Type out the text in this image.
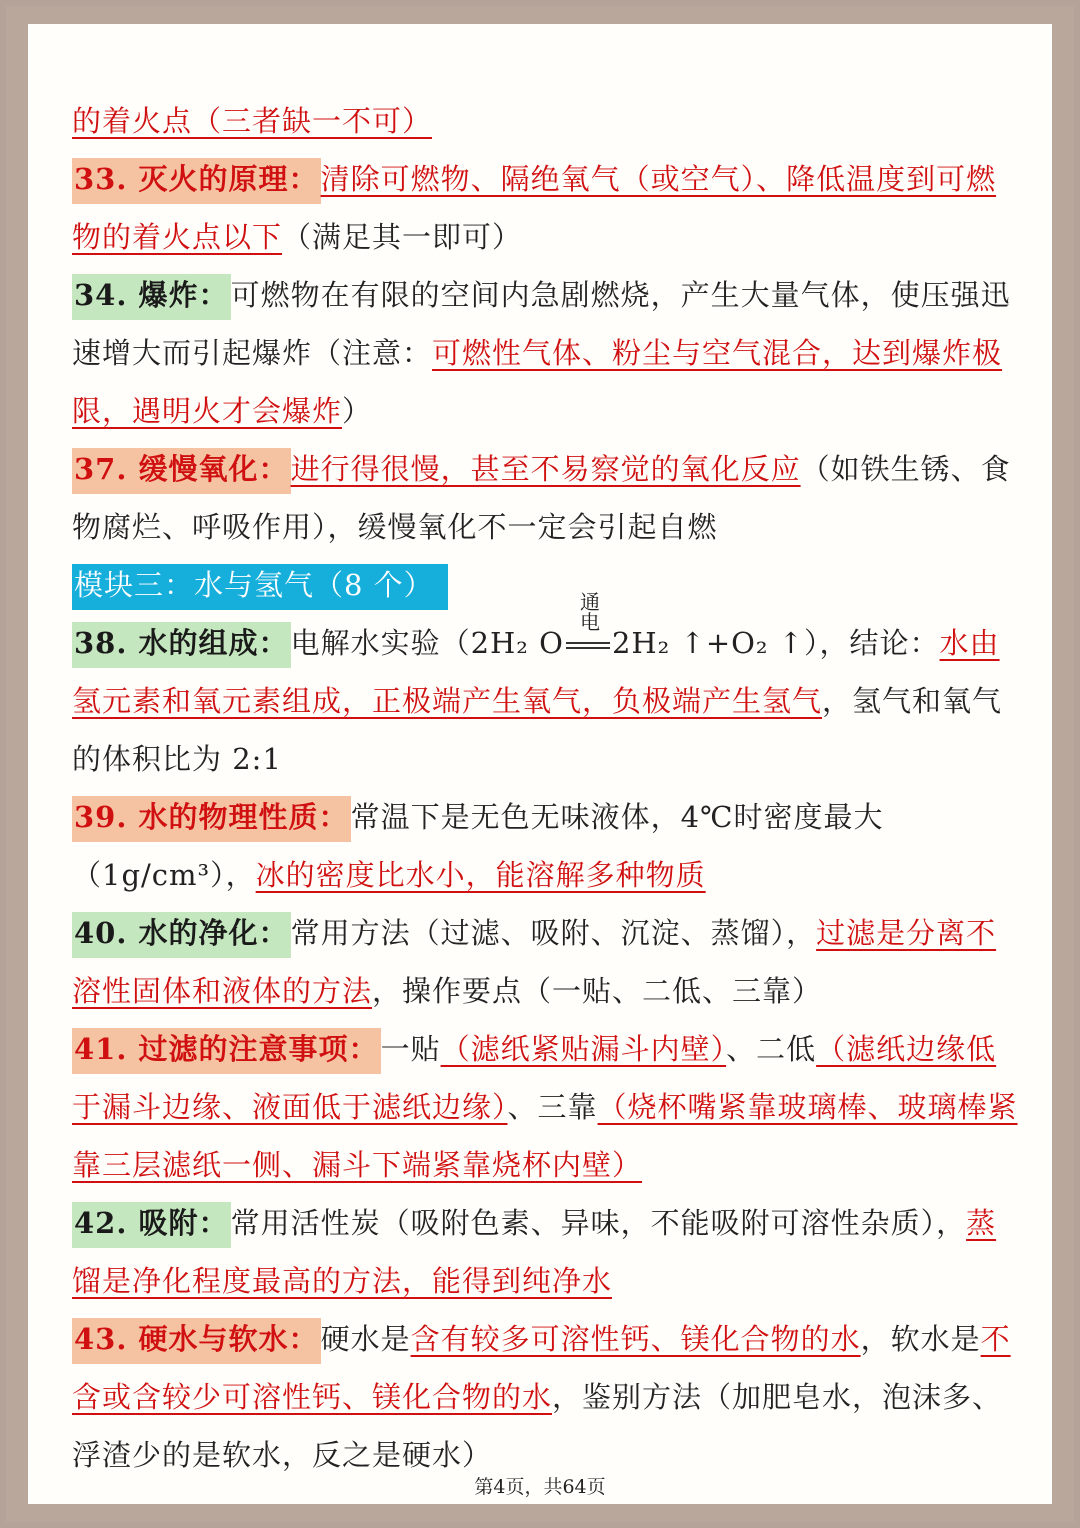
的着火点（三者缺一不可）

33. 灭火的原理：清除可燃物、隔绝氧气（或空气）、降低温度到可燃物的着火点以下（满足其一即可）

34. 爆炸：可燃物在有限的空间内急剧燃烧，产生大量气体，使压强迅速增大而引起爆炸（注意：可燃性气体、粉尘与空气混合，达到爆炸极限，遇明火才会爆炸）

37. 缓慢氧化：进行得很慢，甚至不易察觉的氧化反应（如铁生锈、食物腐烂、呼吸作用），缓慢氧化不一定会引起自燃

模块三：水与氢气（8 个）

38. 水的组成：电解水实验（2H₂ O
通电
2H₂ ↑+O₂ ↑），结论：水由氢元素和氧元素组成，正极端产生氧气，负极端产生氢气，氢气和氧气的体积比为 2:1

39. 水的物理性质：常温下是无色无味液体，4℃时密度最大（1g/cm³），冰的密度比水小，能溶解多种物质

40. 水的净化：常用方法（过滤、吸附、沉淀、蒸馏），过滤是分离不溶性固体和液体的方法，操作要点（一贴、二低、三靠）

41. 过滤的注意事项：一贴（滤纸紧贴漏斗内壁）、二低（滤纸边缘低于漏斗边缘、液面低于滤纸边缘）、三靠（烧杯嘴紧靠玻璃棒、玻璃棒紧靠三层滤纸一侧、漏斗下端紧靠烧杯内壁）

42. 吸附：常用活性炭（吸附色素、异味，不能吸附可溶性杂质），蒸馏是净化程度最高的方法，能得到纯净水

43. 硬水与软水：硬水是含有较多可溶性钙、镁化合物的水，软水是不含或含较少可溶性钙、镁化合物的水，鉴别方法（加肥皂水，泡沫多、浮渣少的是软水，反之是硬水）

第4页，共64页
